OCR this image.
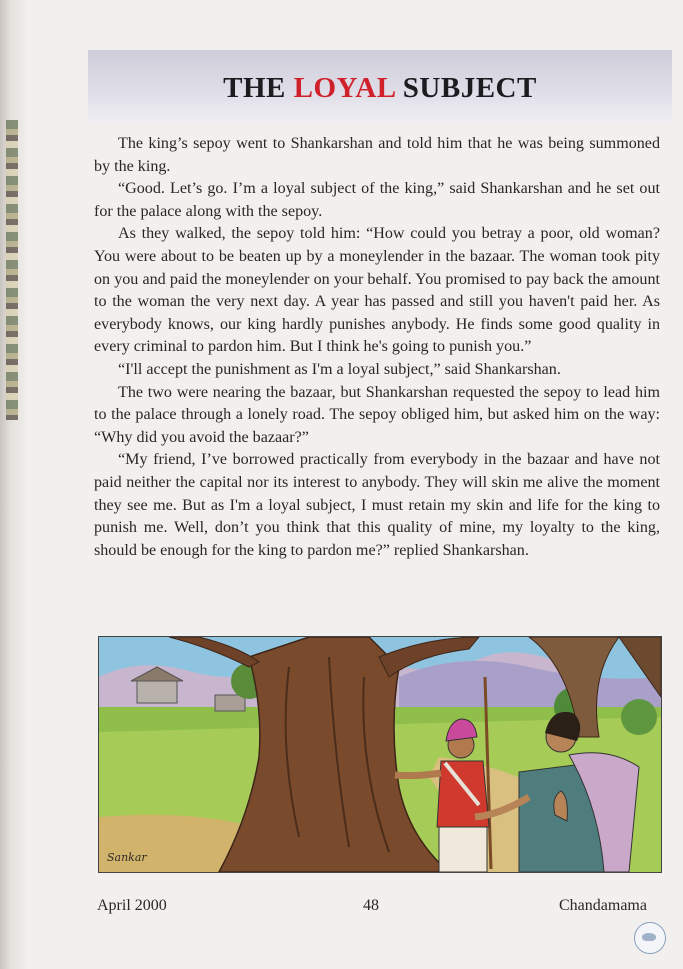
THE LOYAL SUBJECT

The king’s sepoy went to Shankarshan and told him that he was being summoned by the king.

“Good. Let’s go. I’m a loyal subject of the king,” said Shankarshan and he set out for the palace along with the sepoy.

As they walked, the sepoy told him: “How could you betray a poor, old woman? You were about to be beaten up by a moneylender in the bazaar. The woman took pity on you and paid the moneylender on your behalf. You promised to pay back the amount to the woman the very next day. A year has passed and still you haven't paid her. As everybody knows, our king hardly punishes anybody. He finds some good quality in every criminal to pardon him. But I think he's going to punish you.”

“I'll accept the punishment as I'm a loyal subject,” said Shankarshan.

The two were nearing the bazaar, but Shankarshan requested the sepoy to lead him to the palace through a lonely road. The sepoy obliged him, but asked him on the way: “Why did you avoid the bazaar?”

“My friend, I’ve borrowed practically from everybody in the bazaar and have not paid neither the capital nor its interest to anybody. They will skin me alive the moment they see me. But as I'm a loyal subject, I must retain my skin and life for the king to punish me. Well, don’t you think that this quality of mine, my loyalty to the king, should be enough for the king to pardon me?” replied Shankarshan.

Sankar
April 2000	48	Chandamama
